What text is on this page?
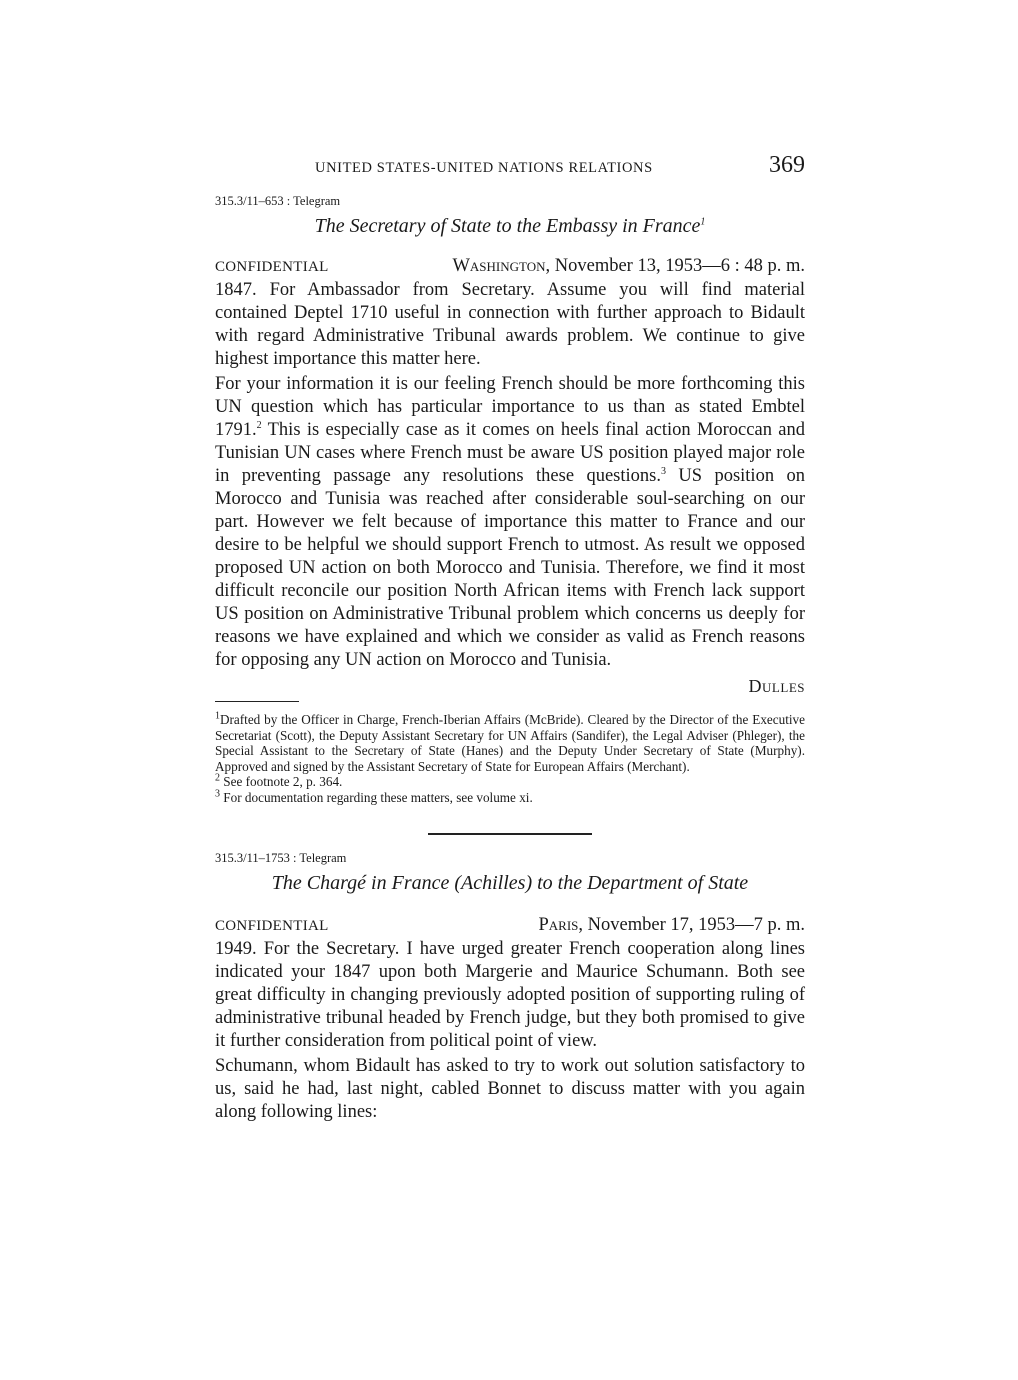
UNITED STATES-UNITED NATIONS RELATIONS	369
315.3/11–653 : Telegram
The Secretary of State to the Embassy in France$^1$
CONFIDENTIAL	Washington, November 13, 1953—6 : 48 p. m.

1847. For Ambassador from Secretary. Assume you will find material contained Deptel 1710 useful in connection with further approach to Bidault with regard Administrative Tribunal awards problem. We continue to give highest importance this matter here.

For your information it is our feeling French should be more forthcoming this UN question which has particular importance to us than as stated Embtel 1791.$^2$ This is especially case as it comes on heels final action Moroccan and Tunisian UN cases where French must be aware US position played major role in preventing passage any resolutions these questions.$^3$ US position on Morocco and Tunisia was reached after considerable soul-searching on our part. However we felt because of importance this matter to France and our desire to be helpful we should support French to utmost. As result we opposed proposed UN action on both Morocco and Tunisia. Therefore, we find it most difficult reconcile our position North African items with French lack support US position on Administrative Tribunal problem which concerns us deeply for reasons we have explained and which we consider as valid as French reasons for opposing any UN action on Morocco and Tunisia.

Dulles
$^1$Drafted by the Officer in Charge, French-Iberian Affairs (McBride). Cleared by the Director of the Executive Secretariat (Scott), the Deputy Assistant Secretary for UN Affairs (Sandifer), the Legal Adviser (Phleger), the Special Assistant to the Secretary of State (Hanes) and the Deputy Under Secretary of State (Murphy). Approved and signed by the Assistant Secretary of State for European Affairs (Merchant).
$^2$ See footnote 2, p. 364.
$^3$ For documentation regarding these matters, see volume xi.
315.3/11–1753 : Telegram
The Chargé in France (Achilles) to the Department of State
CONFIDENTIAL	Paris, November 17, 1953—7 p. m.

1949. For the Secretary. I have urged greater French cooperation along lines indicated your 1847 upon both Margerie and Maurice Schumann. Both see great difficulty in changing previously adopted position of supporting ruling of administrative tribunal headed by French judge, but they both promised to give it further consideration from political point of view.

Schumann, whom Bidault has asked to try to work out solution satisfactory to us, said he had, last night, cabled Bonnet to discuss matter with you again along following lines:
